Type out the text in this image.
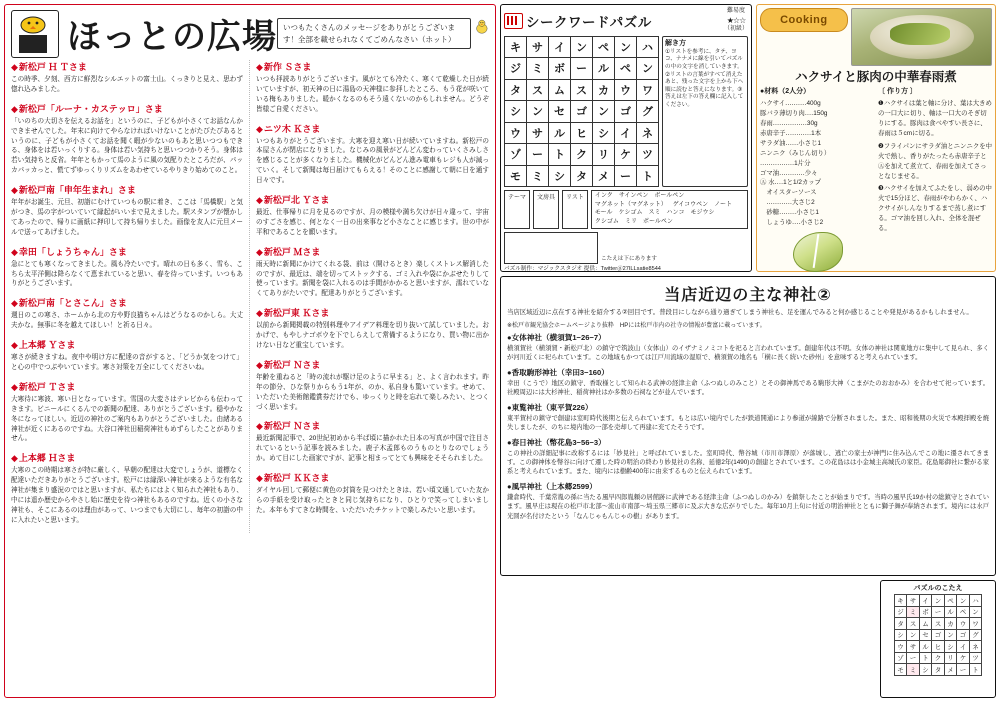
ほっとの広場 いつもたくさんのメッセージをありがとうございます！全部を載せられなくてごめんなさい（ホット）
◆新松戸 Ｈ Ｔさま

この時季、夕刻、西方に鮮烈なシルエットの富士山。くっきりと見え、思わず惚れ込みました。

◆新松戸「ルーナ・カステッロ」さま

「いのちの大切さを伝えるお話を」というのに、子どもが小さくてお話なんかできませんでした。年末に向けてやらなければいけないことがたびたびあるというのに、子どもが小さくてお話を聞く暇が少ないのもあと思いつつもできる、身体をは若いっくりする。身体は若い気持ちと思いつつかりそう。身体は若い気持ちと反省。年年ともかって馬のように風の気配りたところだが、パッカパッカっと、慌てずゆっくりリズムをあわせているやりきり始めてのこと。

◆新松戸南「申年生まれ」さま

年年がお誕生、元旦、初詣にむけていつもの駅に着き、ここは「馬橋駅」と気がつき、馬の字がついていて縁起がいいまで見えました。駅スタンプが懐かしてあったので、帰りに画紙に押印して持ち帰りました。画像を友人に元旦メールで送ってあげました。

◆幸田「しょうちゃん」さま

急にとても寒くなってきました。風も冷たいです。晴れの日も多く、雪も、こちら太平洋側は降らなくて恵まれていると思い、春を待っています。いつもありがとうございます。

◆新松戸南「とさこん」さま

週日のこの寒さ、ホームから北の方や野良猫ちゃんはどうなるのかしら。大丈夫かな。無事に冬を越えてほしい！と祈る日々。

◆上本郷 Ｙさま

寒さが続きますね。夜中や明け方に配達の音がすると、「どうか気をつけて」と心の中でつぶやいています。寒さ対策を万全にしてくださいね。

◆新松戸 Ｔさま

大寒待に寒波、寒い日となっています。雪国の大変さはテレビからも伝わってきます。ビニールにくるんでの新聞の配達、ありがとうございます。穏やかな冬になってほしい。近辺の神社のご案内もありがとうございました。由緒ある神社が近くにあるのですね。大谷口神社田稲荷神社もめずらしたことがありません。

◆上本郷 Ｈさま

大寒のこの時期は寒さが特に厳しく、早朝の配達は大変でしょうが、道標なく配達いただきありがとうございます。松戸には縁深い神社が来るような有名な神社が集まり盛況のではと思いますが、私たちにはよく知られた神社もあり、中には遥か歴史からやさし始に歴史を待つ神社もあるのですね。近くの小さな神社も、そこにあるのは理由があって、いつまでも大切にし、毎年の初詣の中に入れたいと思います。

◆新作 Ｓさま

いつも拝読ありがとうございます。風がとても冷たく、寒くて乾燥した日が続いていますが、初天神の日に湯島の天神様に参拝したところ、もう花が咲いている梅もありました。暖かくなるのもそう遠くないのかもしれません。どうぞ皆様ご自愛ください。

◆ニツ木 Ｋさま

いつもありがとうございます。大寒を迎え寒い日が続いていますね。新松戸の本屋さんが閉店になりました。なじみの風景がどんどん変わっていくさみしさを感じることが多くなりました。機械化がどんどん進み電車もレジも人が減っていく。そして新聞は毎日届けてもらえる！そのことに感謝して朝に日を通す日々です。

◆新松戸北 Ｙさま

最近、仕事帰りに月を見るのですが、月の模様や満ち欠けが日々違って、宇宙のすごさを感じ、何となく一日の出来事など小さなことに感じます。世の中が平和であることを願います。

◆新松戸 Ｍさま

雨天時に新聞にかけてくれる袋、前は（開けるとき）楽しくストレス解消したのですが、最近は、端を切ってストックする、ゴミ入れや袋にかぶせたりして使っています。新聞を袋に入れるのは手間がかかると思いますが、濡れていなくてありがたいです。配達ありがとうございます。

◆新松戸東 Ｋさま

以前から新聞掲載の特別料理やアイデア料理を切り抜いて試していました。おかげで、もやしナゴボウを下でしらえして常備するようになり、買い物に出かけない日など重宝しています。

◆新松戸 Ｎさま

年齢を重ねると「時の流れが駆け足のように早まる」と、よく言われます。昨年の節分、ひな祭りからもう1年が、のか、私自身も驚いています。せめて、いただいた美術館鑑賞券だけでも、ゆっくりと時を忘れて楽しみたい、とつくづく思います。

◆新松戸 Ｎさま

最近新聞記事で、20世紀初めから半ば頃に描かれた日本の写真が中国で注目されているという記事を読みました。鹿子木孟郎ものうものとりなのでしょうか。めて目にした画家ですが、記事と相まってとても興味をそそられました。

◆新松戸 ＫＫさま

ダイヤル回して郵便に黄色の封筒を見つけたときは、若い頃文通していた友からの手紙を受け取ったときと同じ気持ちになり、ひとりで笑ってしまいました。本年もすてきな時間を、いただいたチケットで楽しみたいと思います。

シークワードパズル
難易度
★☆☆
（初級）
キ	サ	イ	ン	ペ	ン	ハ
ジ	ミ	ボ	ー	ル	ペ	ン
タ	ス	ム	ス	カ	ウ	ワ
シ	ン	セ	ゴ	ン	ゴ	グ
ウ	サ	ル	ヒ	シ	イ	ネ
ゾ	ー	ト	ク	リ	ケ	ツ
モ	ミ	シ	タ	メ	ー	ト
解き方
①リストを参考に、タテ、ヨコ、ナナメに線を引いてパズルの中の文字を消していきます。②リストの言葉がすべて消えたあと、残った文字を上から下へ順に読むと答えになります。③答えは左下の答え欄に記入してください。
テーマ	文房具	リスト	インク サインペン ボールペン
マグネット（マグネット） ゲイコウペン ノート
モール ケシゴム スミ ハンコ モジウシ
クシゴム ミリ ボールペン
こたえは下にあります
パズル制作：マジックスタジオ 提供：Twitter＠27ILLsatie8544
Cooking
ハクサイと豚肉の中華春雨煮
●材料（2人分）
ハクサイ‥‥‥‥‥400g
豚バラ薄切り肉‥‥150g
春雨‥‥‥‥‥‥‥‥30g
赤唐辛子‥‥‥‥‥‥1本
サラダ油‥‥‥小さじ1
ニンニク（みじん切り）
‥‥‥‥‥‥‥‥1片分
ゴマ油‥‥‥‥‥‥少々
Ⓐ 水‥‥1と1/2カップ
　オイスターソース
　‥‥‥‥‥‥大さじ2
　砂糖‥‥‥‥小さじ1
　しょうゆ‥‥小さじ2
〔 作り方 〕
❶ハクサイは葉と軸に分け、葉は大きめの一口大に切り、軸は一口大のそぎ切りにする。豚肉は食べやすい長さに、春雨は５cmに切る。
❷フライパンにサラダ油とニンニクを中火で熱し、香りがたったら赤唐辛子とⒶを加えて煮立て、春雨を加えてさっとなじませる。
❸ハクサイを加えてふたをし、弱めの中火で15分ほど、春雨がやわらかく、ハクサイがしんなりするまで蒸し煮にする。ゴマ油を回し入れ、全体を混ぜる。
当店近辺の主な神社②
当店区域近辺に点在する神社を紹介する②回目です。普段目にしながら通り過ぎてしまう神社も、足を運んでみると何か感じることや発見があるかもしれません。
※松戸市観光協会ホームページより抜粋　HPには松戸市内の社寺の情報が豊富に載っています。
●女体神社（横須賀1−26−7）

横須賀社（横須賀・新松戸北）の鎮守で筑波山（女体山）のイザナミノミコトを祀ると言われています。創建年代は不明。女体の神社は関東地方に集中して見られ、多くが河川近くに祀られています。この地域もかつては江戸川流域の湿原で、横須賀の地名も「横に長く続いた砂州」を意味すると考えられています。

●香取駒形神社（幸田3−160）

幸田（こうで）地区の鎮守、香取様として知られる武神の経津主命（ふつぬしのみこと）とその御神馬である駒形大神（こまがたのおおかみ）を合わせて祀っています。社殿周辺には大杉神社、稲荷神社はか多数の石祠などが並んでいます。

●東覧神社（東平賀226）

東平賀村の鎮守で創建は室町時代後期と伝えられています。もとは広い境内でしたが鉄道開通により参道が線路で分断されました。また、昭和後期の火災で本殿拝殿を焼失しましたが、のちに境内地の一部を売却して再建に充てたそうです。

●春日神社（幣花島3−56−3）

この神社の詳細記事に改称するには「妙見社」と呼ばれていました。室町時代、幣谷城（市川市澤原）が落城し、逃亡の家士が神門に住み込んでこの地に遷されてきます。この御神体を幣谷に向けて遷した時の明治の終わり妙見社の名称、延徳2年(1490)の創建とされています。この花島はは小金城主高城氏の家臣。花島彫御社に繋がる家系と考えられています。また、境内には樹齢400年に由来するものと伝えられています。

●風早神社（上本郷2599）

鎌倉時代、千葉常胤の孫に当たる風早四郎胤頼の居館跡に武神である経津主命（ふつぬしのかみ）を鎮祭したことが始まりです。当時の風早氏19か村の総鎮守とされています。風早庄は現在の松戸市北部〜流山市南部〜埼玉県三郷市に及ぶ大きな広がりでした。毎年10月上旬に付近の明治神社とともに獅子舞が奉納されます。境内には水戸光圀が名付けたという「なんじゃもんじゃの樹」があります。

パズルのこたえ
キ	サ	イ	ン	ペ	ン	ハ
ジ	ミ	ボ	ー	ル	ペ	ン
タ	ス	ム	ス	カ	ウ	ワ
シ	ン	セ	ゴ	ン	ゴ	グ
ウ	サ	ル	ヒ	シ	イ	ネ
ゾ	ー	ト	ク	リ	ケ	ツ
モ	ミ	シ	タ	メ	ー	ト
